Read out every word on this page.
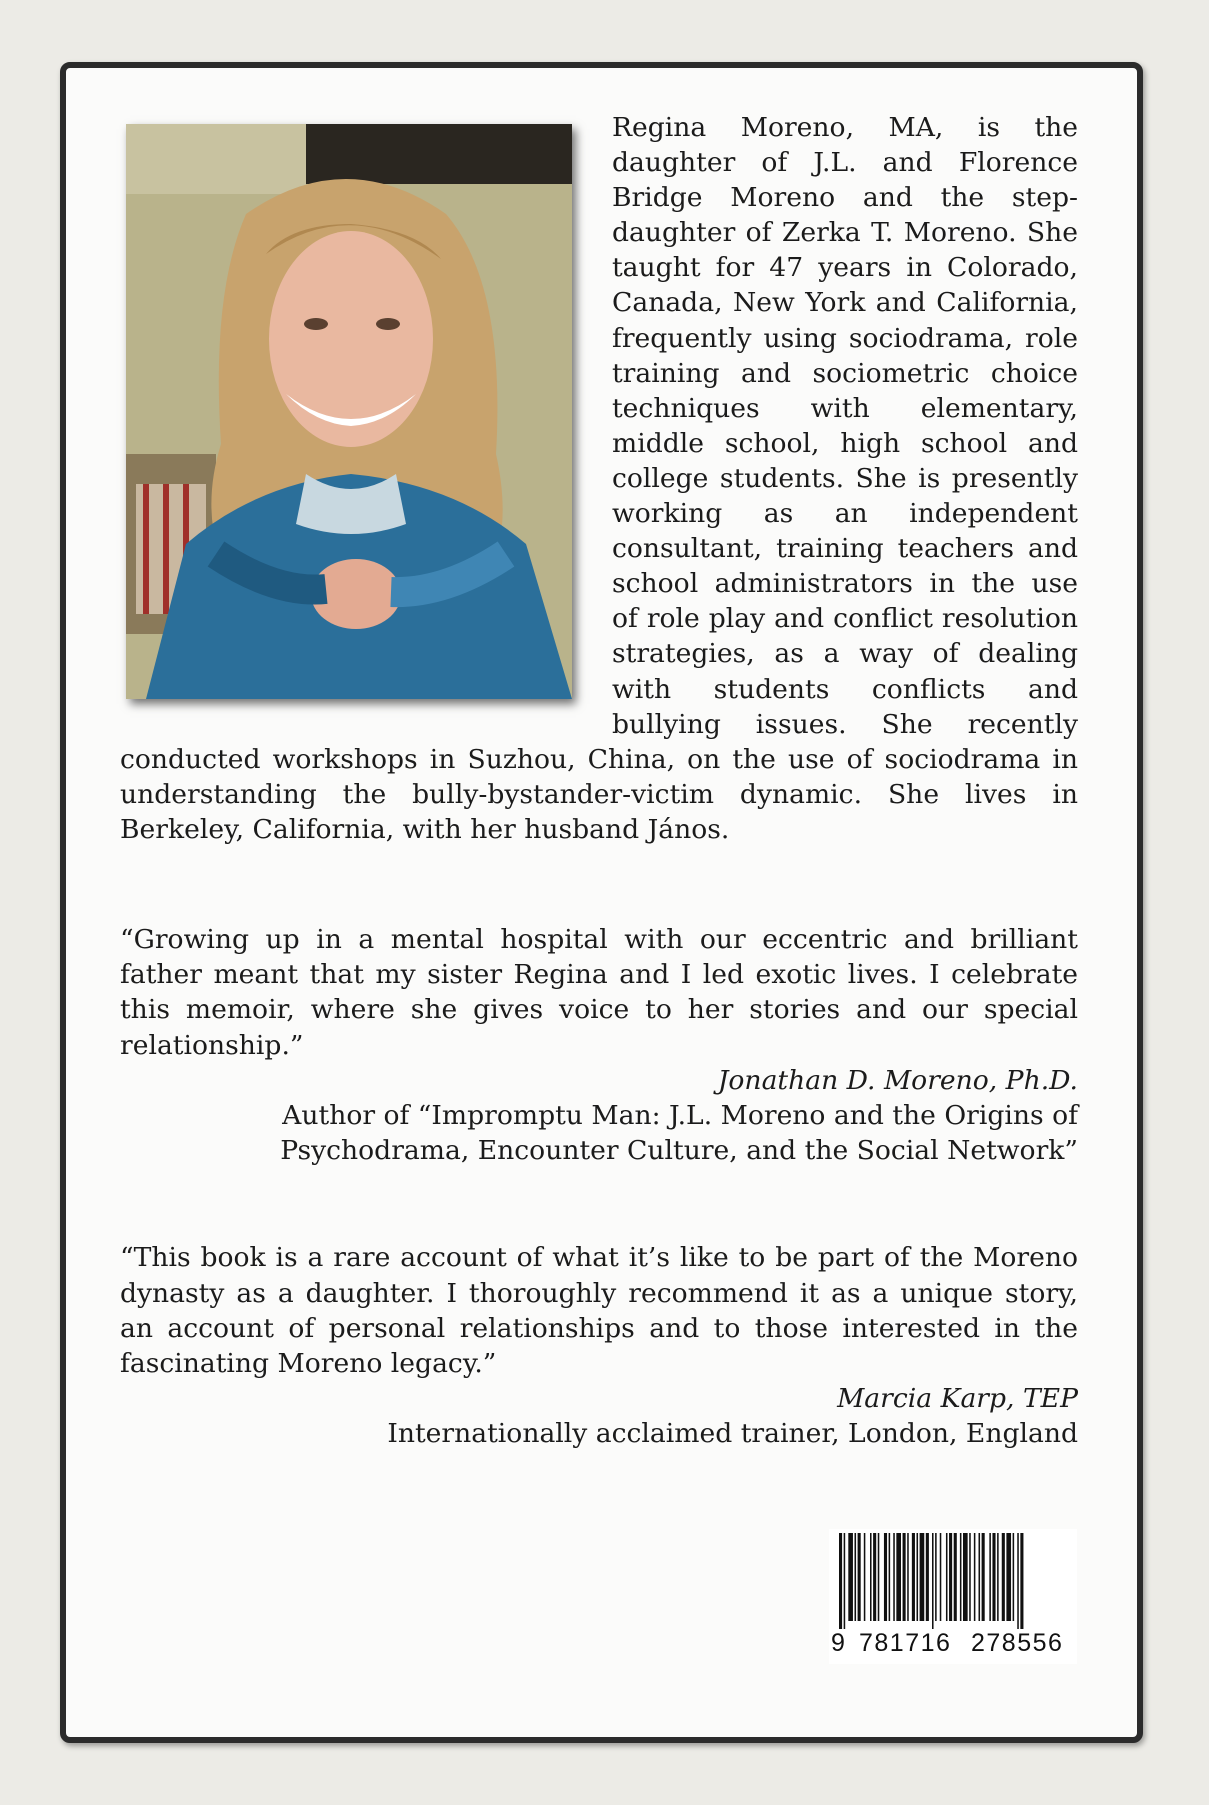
Regina Moreno, MA, is the daughter of J.L. and Florence Bridge Moreno and the step-daughter of Zerka T. Moreno. She taught for 47 years in Colorado, Canada, New York and California, frequently using sociodrama, role training and sociometric choice techniques with elementary, middle school, high school and college students. She is presently working as an independent consultant, training teachers and school administrators in the use of role play and conflict resolution strategies, as a way of dealing with students conflicts and bullying issues. She recently conducted workshops in Suzhou, China, on the use of sociodrama in understanding the bully-bystander-victim dynamic. She lives in Berkeley, California, with her husband János.

“Growing up in a mental hospital with our eccentric and brilliant father meant that my sister Regina and I led exotic lives. I celebrate this memoir, where she gives voice to her stories and our special relationship.”

Jonathan D. Moreno, Ph.D.
Author of “Impromptu Man: J.L. Moreno and the Origins of
Psychodrama, Encounter Culture, and the Social Network”

“This book is a rare account of what it’s like to be part of the Moreno dynasty as a daughter. I thoroughly recommend it as a unique story, an account of personal relationships and to those interested in the fascinating Moreno legacy.”

Marcia Karp, TEP
Internationally acclaimed trainer, London, England

9 781716 278556
